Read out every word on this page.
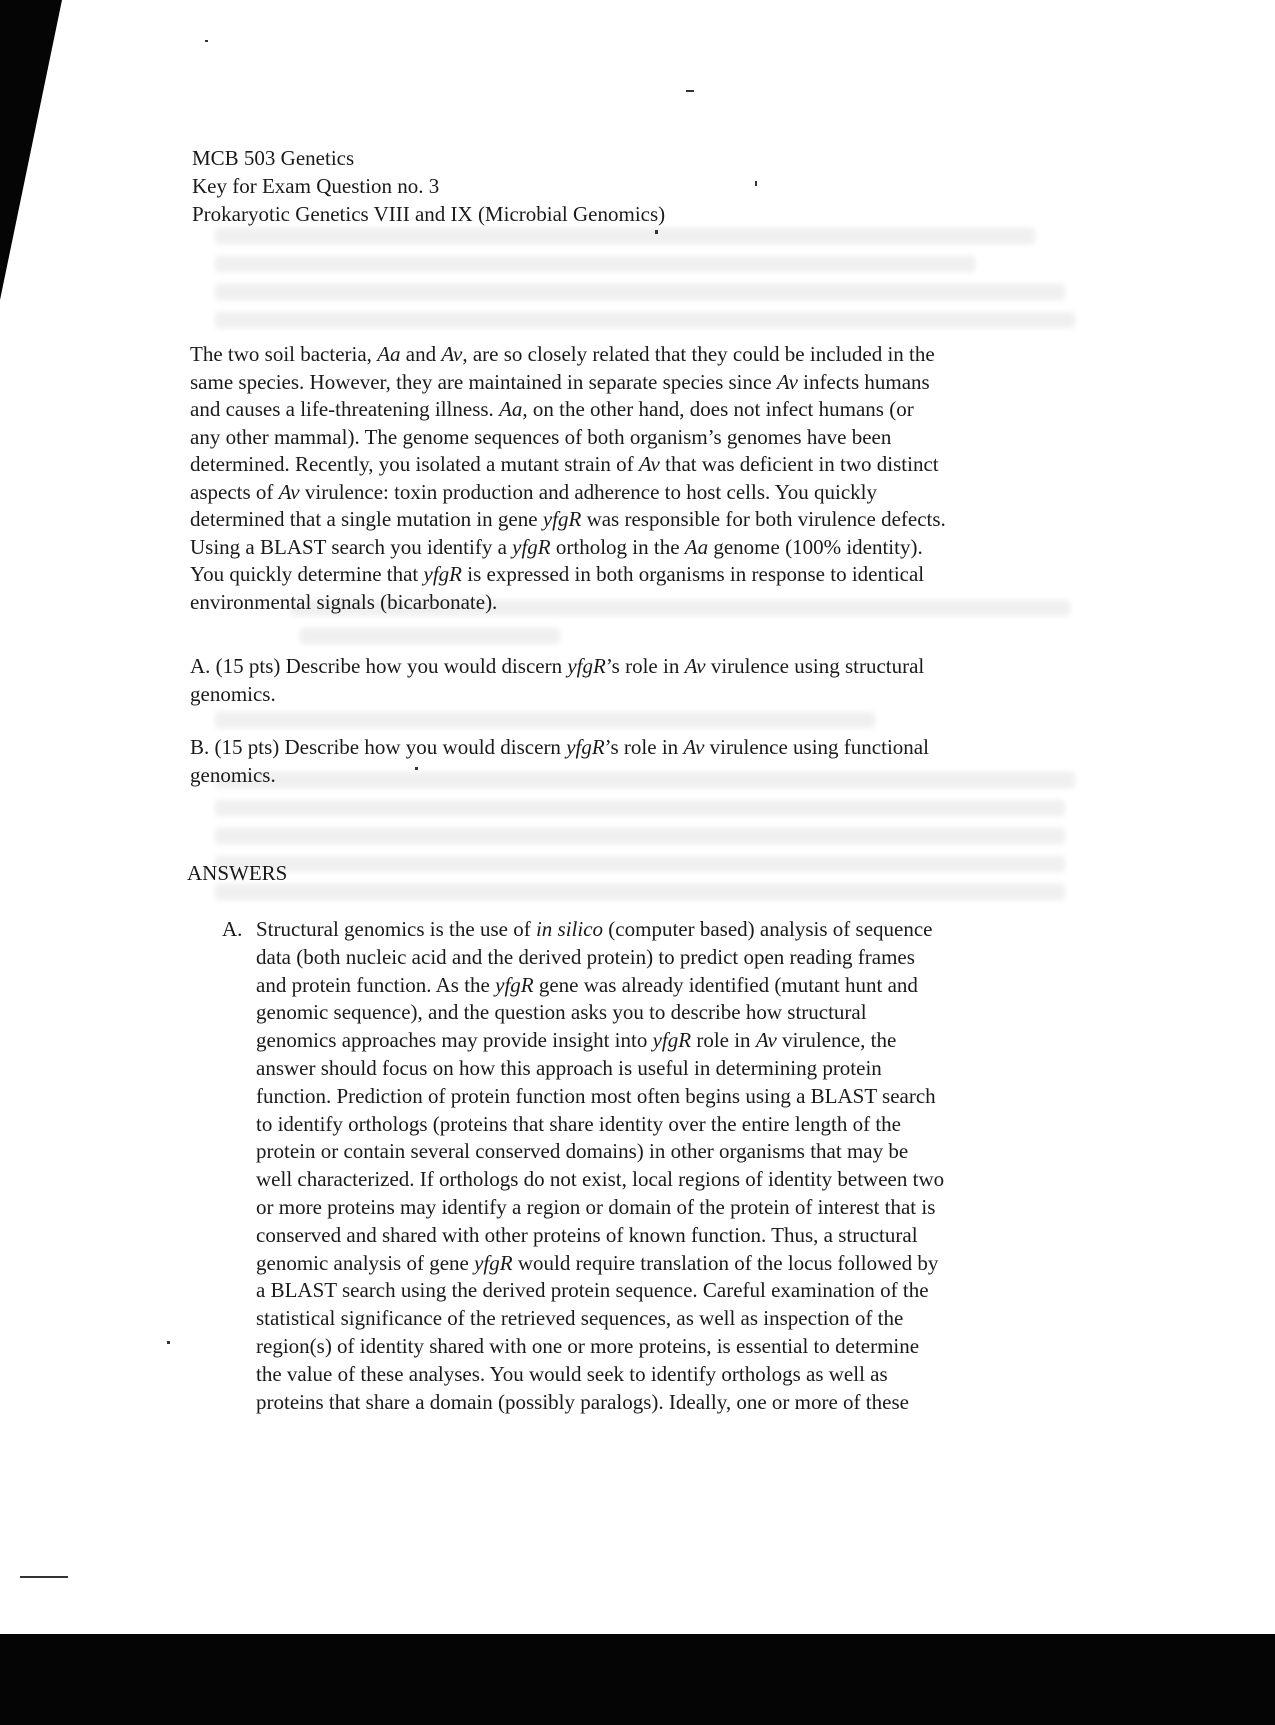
MCB 503 Genetics
Key for Exam Question no. 3
Prokaryotic Genetics VIII and IX (Microbial Genomics)
The two soil bacteria, Aa and Av, are so closely related that they could be included in the
same species. However, they are maintained in separate species since Av infects humans
and causes a life-threatening illness. Aa, on the other hand, does not infect humans (or
any other mammal). The genome sequences of both organism’s genomes have been
determined. Recently, you isolated a mutant strain of Av that was deficient in two distinct
aspects of Av virulence: toxin production and adherence to host cells. You quickly
determined that a single mutation in gene yfgR was responsible for both virulence defects.
Using a BLAST search you identify a yfgR ortholog in the Aa genome (100% identity).
You quickly determine that yfgR is expressed in both organisms in response to identical
environmental signals (bicarbonate).
A. (15 pts) Describe how you would discern yfgR’s role in Av virulence using structural
genomics.
B. (15 pts) Describe how you would discern yfgR’s role in Av virulence using functional
genomics.
ANSWERS
A. Structural genomics is the use of in silico (computer based) analysis of sequence
data (both nucleic acid and the derived protein) to predict open reading frames
and protein function. As the yfgR gene was already identified (mutant hunt and
genomic sequence), and the question asks you to describe how structural
genomics approaches may provide insight into yfgR role in Av virulence, the
answer should focus on how this approach is useful in determining protein
function. Prediction of protein function most often begins using a BLAST search
to identify orthologs (proteins that share identity over the entire length of the
protein or contain several conserved domains) in other organisms that may be
well characterized. If orthologs do not exist, local regions of identity between two
or more proteins may identify a region or domain of the protein of interest that is
conserved and shared with other proteins of known function. Thus, a structural
genomic analysis of gene yfgR would require translation of the locus followed by
a BLAST search using the derived protein sequence. Careful examination of the
statistical significance of the retrieved sequences, as well as inspection of the
region(s) of identity shared with one or more proteins, is essential to determine
the value of these analyses. You would seek to identify orthologs as well as
proteins that share a domain (possibly paralogs). Ideally, one or more of these
